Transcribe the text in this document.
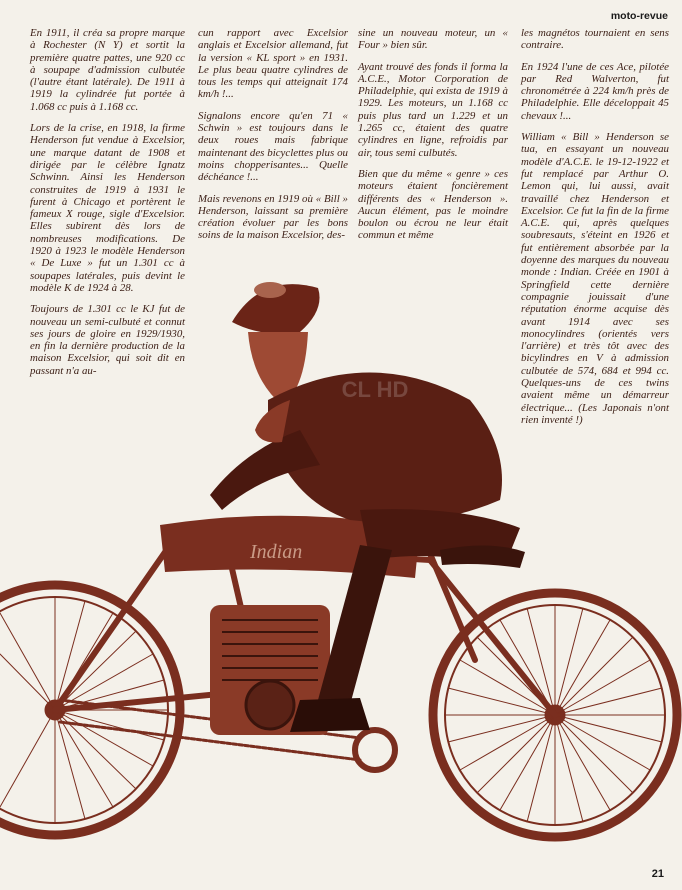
moto-revue

En 1911, il créa sa propre marque à Rochester (N Y) et sortit la première quatre pattes, une 920 cc à soupape d'admission culbutée (l'autre étant latérale). De 1911 à 1919 la cylindrée fut portée à 1.068 cc puis à 1.168 cc.

Lors de la crise, en 1918, la firme Henderson fut vendue à Excelsior, une marque datant de 1908 et dirigée par le célèbre Ignatz Schwinn. Ainsi les Henderson construites de 1919 à 1931 le furent à Chicago et portèrent le fameux X rouge, sigle d'Excelsior. Elles subirent dès lors de nombreuses modifications. De 1920 à 1923 le modèle Henderson « De Luxe » fut un 1.301 cc à soupapes latérales, puis devint le modèle K de 1924 à 28.

Toujours de 1.301 cc le KJ fut de nouveau un semi-culbuté et connut ses jours de gloire en 1929/1930, en fin la dernière production de la maison Excelsior, qui soit dit en passant n'a au-

cun rapport avec Excelsior anglais et Excelsior allemand, fut la version « KL sport » en 1931. Le plus beau quatre cylindres de tous les temps qui atteignait 174 km/h !...

Signalons encore qu'en 71 « Schwin » est toujours dans le deux roues mais fabrique maintenant des bicyclettes plus ou moins chopperisantes... Quelle déchéance !...

Mais revenons en 1919 où « Bill » Henderson, laissant sa première création évoluer par les bons soins de la maison Excelsior, des-

sine un nouveau moteur, un « Four » bien sûr.

Ayant trouvé des fonds il forma la A.C.E., Motor Corporation de Philadelphie, qui exista de 1919 à 1929. Les moteurs, un 1.168 cc puis plus tard un 1.229 et un 1.265 cc, étaient des quatre cylindres en ligne, refroidis par air, tous semi culbutés.

Bien que du même « genre » ces moteurs étaient foncièrement différents des « Henderson ». Aucun élément, pas le moindre boulon ou écrou ne leur était commun et même

les magnétos tournaient en sens contraire.

En 1924 l'une de ces Ace, pilotée par Red Walverton, fut chronométrée à 224 km/h près de Philadelphie. Elle déceloppait 45 chevaux !...

William « Bill » Henderson se tua, en essayant un nouveau modèle d'A.C.E. le 19-12-1922 et fut remplacé par Arthur O. Lemon qui, lui aussi, avait travaillé chez Henderson et Excelsior. Ce fut la fin de la firme A.C.E. qui, après quelques soubresauts, s'éteint en 1926 et fut entièrement absorbée par la doyenne des marques du nouveau monde : Indian. Créée en 1901 à Springfield cette dernière compagnie jouissait d'une réputation énorme acquise dès avant 1914 avec ses monocylindres (orientés vers l'arrière) et très tôt avec des bicylindres en V à admission culbutée de 574, 684 et 994 cc. Quelques-uns de ces twins avaient même un démarreur électrique... (Les Japonais n'ont rien inventé !)

Indian
CL HD
21
